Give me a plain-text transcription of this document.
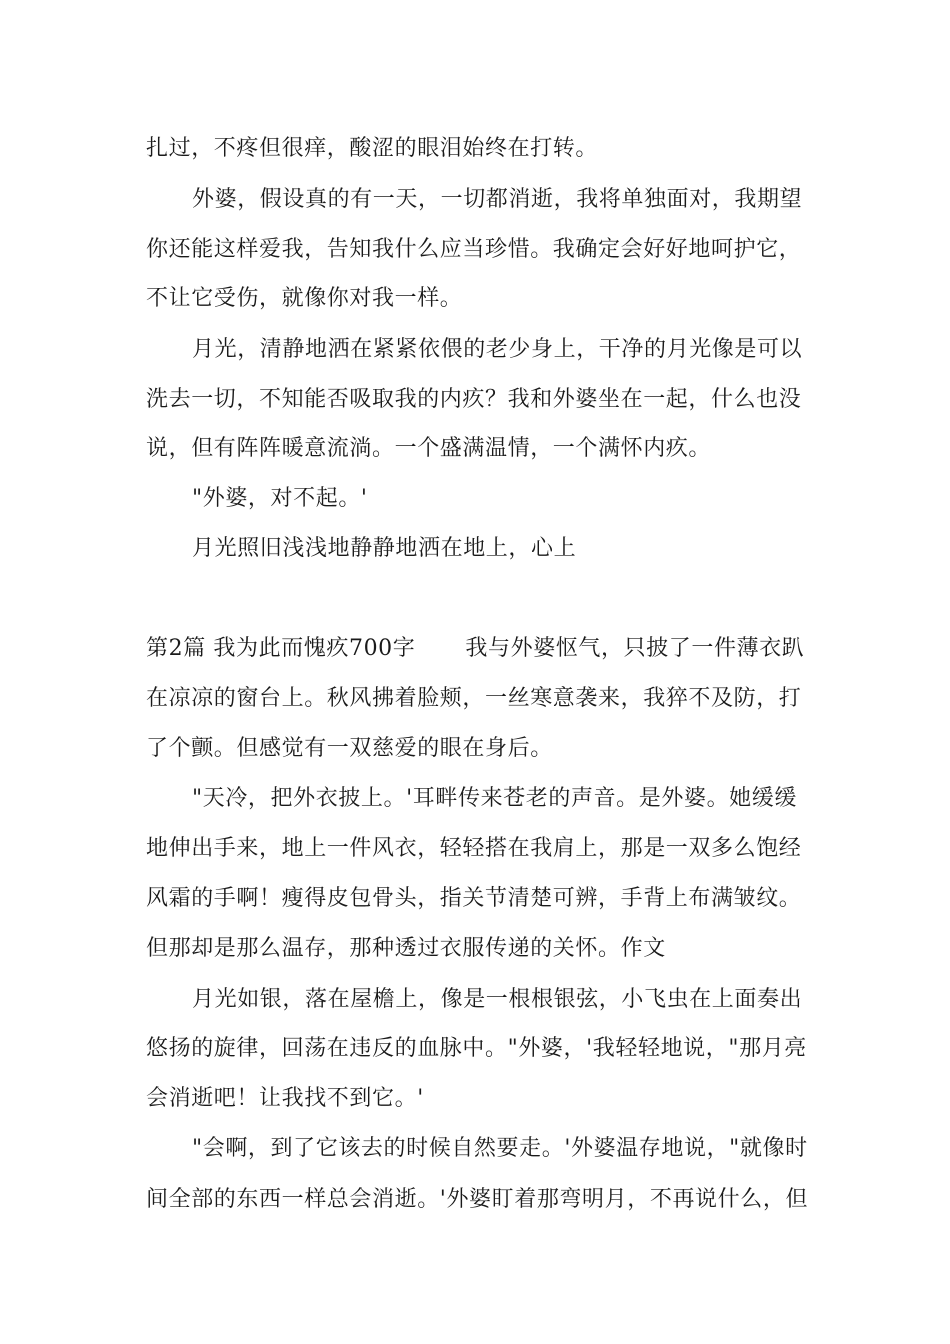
扎过，不疼但很痒，酸涩的眼泪始终在打转。
外婆，假设真的有一天，一切都消逝，我将单独面对，我期望
你还能这样爱我，告知我什么应当珍惜。我确定会好好地呵护它，
不让它受伤，就像你对我一样。
月光，清静地洒在紧紧依偎的老少身上，干净的月光像是可以
洗去一切，不知能否吸取我的内疚？我和外婆坐在一起，什么也没
说，但有阵阵暖意流淌。一个盛满温情，一个满怀内疚。
"外婆，对不起。'
月光照旧浅浅地静静地洒在地上，心上
第2篇 我为此而愧疚700字 我与外婆怄气，只披了一件薄衣趴
在凉凉的窗台上。秋风拂着脸颊，一丝寒意袭来，我猝不及防，打
了个颤。但感觉有一双慈爱的眼在身后。
"天冷，把外衣披上。'耳畔传来苍老的声音。是外婆。她缓缓
地伸出手来，地上一件风衣，轻轻搭在我肩上，那是一双多么饱经
风霜的手啊！瘦得皮包骨头，指关节清楚可辨，手背上布满皱纹。
但那却是那么温存，那种透过衣服传递的关怀。作文
月光如银，落在屋檐上，像是一根根银弦，小飞虫在上面奏出
悠扬的旋律，回荡在违反的血脉中。"外婆，'我轻轻地说，"那月亮
会消逝吧！让我找不到它。'
"会啊，到了它该去的时候自然要走。'外婆温存地说，"就像时
间全部的东西一样总会消逝。'外婆盯着那弯明月，不再说什么，但
